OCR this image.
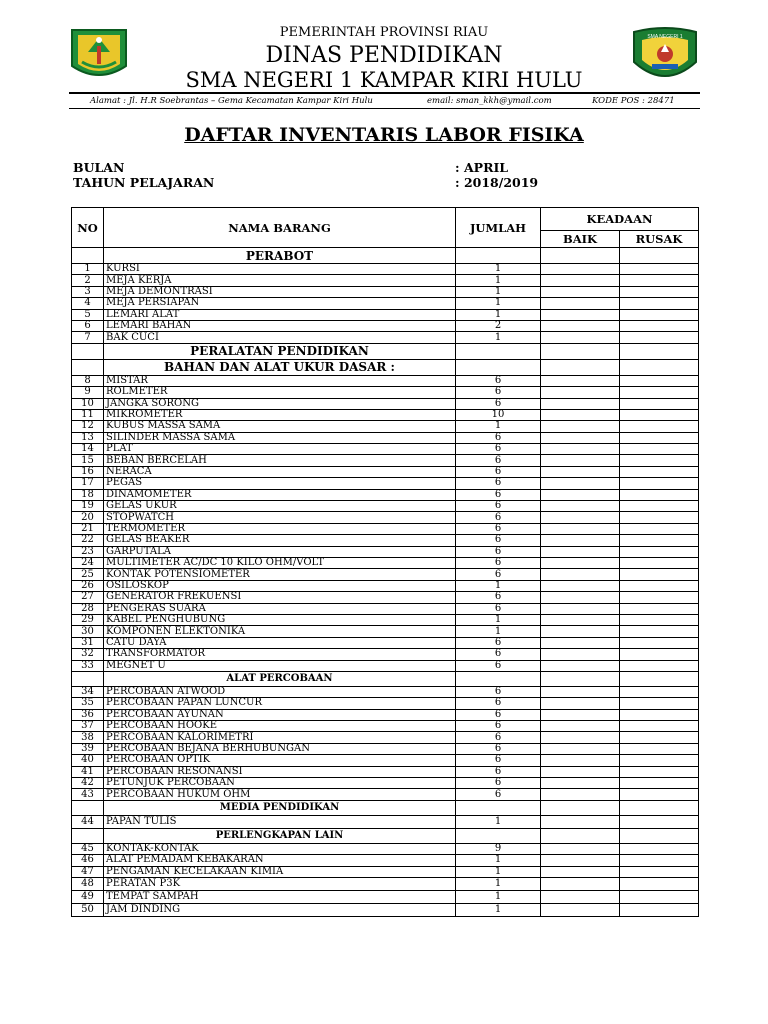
SMA NEGERI 1
PEMERINTAH PROVINSI RIAU
DINAS PENDIDIKAN
SMA NEGERI 1 KAMPAR KIRI HULU
Alamat : Jl. H.R Soebrantas – Gema Kecamatan Kampar Kiri Hulu	email: sman_kkh@ymail.com	KODE POS : 28471
DAFTAR INVENTARIS LABOR FISIKA
BULAN	: APRIL
TAHUN PELAJARAN	: 2018/2019
NO	NAMA BARANG	JUMLAH	KEADAAN	
			BAIK	RUSAK
	PERABOT			
1	KURSI	1		
2	MEJA KERJA	1		
3	MEJA DEMONTRASI	1		
4	MEJA PERSIAPAN	1		
5	LEMARI ALAT	1		
6	LEMARI BAHAN	2		
7	BAK CUCI	1		
	PERALATAN PENDIDIKAN			
	BAHAN DAN ALAT UKUR DASAR :			
8	MISTAR	6		
9	ROLMETER	6		
10	JANGKA SORONG	6		
11	MIKROMETER	10		
12	KUBUS MASSA SAMA	1		
13	SILINDER MASSA SAMA	6		
14	PLAT	6		
15	BEBAN BERCELAH	6		
16	NERACA	6		
17	PEGAS	6		
18	DINAMOMETER	6		
19	GELAS UKUR	6		
20	STOPWATCH	6		
21	TERMOMETER	6		
22	GELAS BEAKER	6		
23	GARPUTALA	6		
24	MULTIMETER AC/DC 10 KILO OHM/VOLT	6		
25	KONTAK POTENSIOMETER	6		
26	OSILOSKOP	1		
27	GENERATOR FREKUENSI	6		
28	PENGERAS SUARA	6		
29	KABEL PENGHUBUNG	1		
30	KOMPONEN ELEKTONIKA	1		
31	CATU DAYA	6		
32	TRANSFORMATOR	6		
33	MEGNET U	6		
	ALAT PERCOBAAN			
34	PERCOBAAN ATWOOD	6		
35	PERCOBAAN PAPAN LUNCUR	6		
36	PERCOBAAN AYUNAN	6		
37	PERCOBAAN HOOKE	6		
38	PERCOBAAN KALORIMETRI	6		
39	PERCOBAAN BEJANA BERHUBUNGAN	6		
40	PERCOBAAN OPTIK	6		
41	PERCOBAAN RESONANSI	6		
42	PETUNJUK PERCOBAAN	6		
43	PERCOBAAN HUKUM OHM	6		
	MEDIA PENDIDIKAN			
44	PAPAN TULIS	1		
	PERLENGKAPAN LAIN			
45	KONTAK-KONTAK	9		
46	ALAT PEMADAM KEBAKARAN	1		
47	PENGAMAN KECELAKAAN KIMIA	1		
48	PERATAN P3K	1		
49	TEMPAT SAMPAH	1		
50	JAM DINDING	1		
